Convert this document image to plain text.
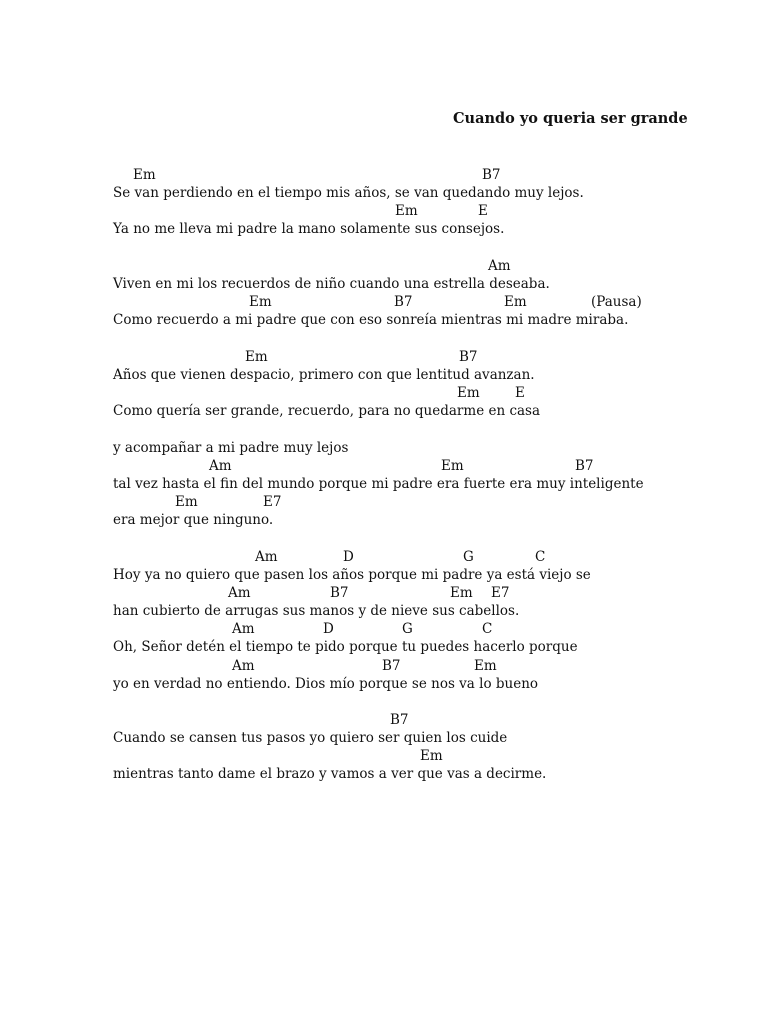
Cuando yo queria ser grande
Em	B7
Se van perdiendo en el tiempo mis años, se van quedando muy lejos.
Em	E
Ya no me lleva mi padre la mano solamente sus consejos.
Am
Viven en mi los recuerdos de niño cuando una estrella deseaba.
Em	B7	Em	(Pausa)
Como recuerdo a mi padre que con eso sonreía mientras mi madre miraba.
Em	B7
Años que vienen despacio, primero con que lentitud avanzan.
Em	E
Como quería ser grande, recuerdo, para no quedarme en casa
y acompañar a mi padre muy lejos
Am	Em	B7
tal vez hasta el fin del mundo porque mi padre era fuerte era muy inteligente
Em	E7
era mejor que ninguno.
Am	D	G	C
Hoy ya no quiero que pasen los años porque mi padre ya está viejo se
Am	B7	Em E7
han cubierto de arrugas sus manos y de nieve sus cabellos.
Am	D	G	C
Oh, Señor detén el tiempo te pido porque tu puedes hacerlo porque
Am	B7	Em
yo en verdad no entiendo. Dios mío porque se nos va lo bueno
B7
Cuando se cansen tus pasos yo quiero ser quien los cuide
Em
mientras tanto dame el brazo y vamos a ver que vas a decirme.
